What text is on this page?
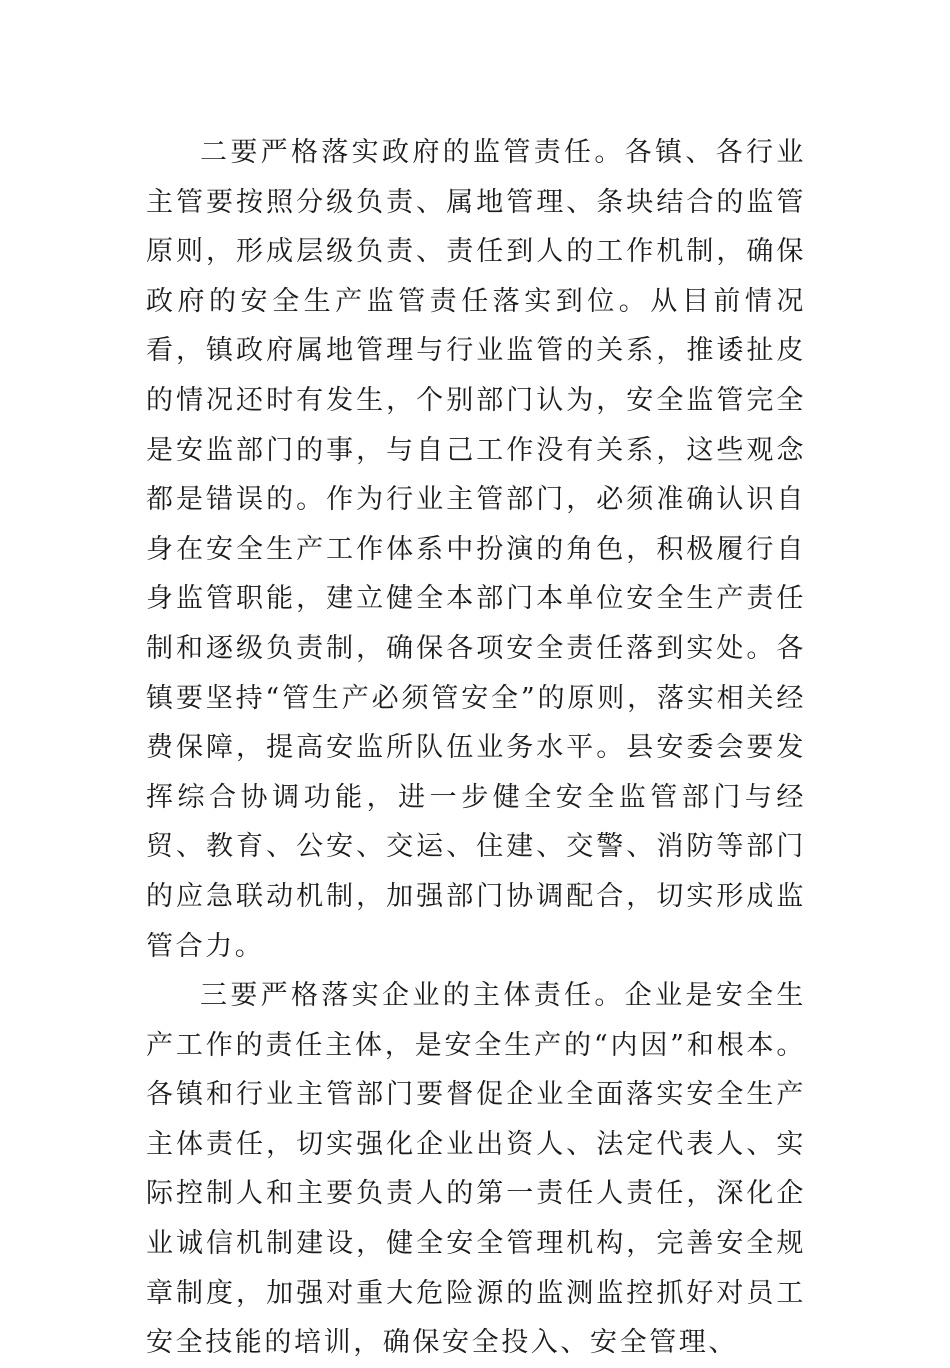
二要严格落实政府的监管责任。各镇、各行业主管要按照分级负责、属地管理、条块结合的监管原则，形成层级负责、责任到人的工作机制，确保政府的安全生产监管责任落实到位。从目前情况看，镇政府属地管理与行业监管的关系，推诿扯皮的情况还时有发生，个别部门认为，安全监管完全是安监部门的事，与自己工作没有关系，这些观念都是错误的。作为行业主管部门，必须准确认识自身在安全生产工作体系中扮演的角色，积极履行自身监管职能，建立健全本部门本单位安全生产责任制和逐级负责制，确保各项安全责任落到实处。各镇要坚持“管生产必须管安全”的原则，落实相关经费保障，提高安监所队伍业务水平。县安委会要发挥综合协调功能，进一步健全安全监管部门与经贸、教育、公安、交运、住建、交警、消防等部门的应急联动机制，加强部门协调配合，切实形成监管合力。

三要严格落实企业的主体责任。企业是安全生产工作的责任主体，是安全生产的“内因”和根本。各镇和行业主管部门要督促企业全面落实安全生产主体责任，切实强化企业出资人、法定代表人、实际控制人和主要负责人的第一责任人责任，深化企业诚信机制建设，健全安全管理机构，完善安全规章制度，加强对重大危险源的监测监控抓好对员工安全技能的培训，确保安全投入、安全管理、
